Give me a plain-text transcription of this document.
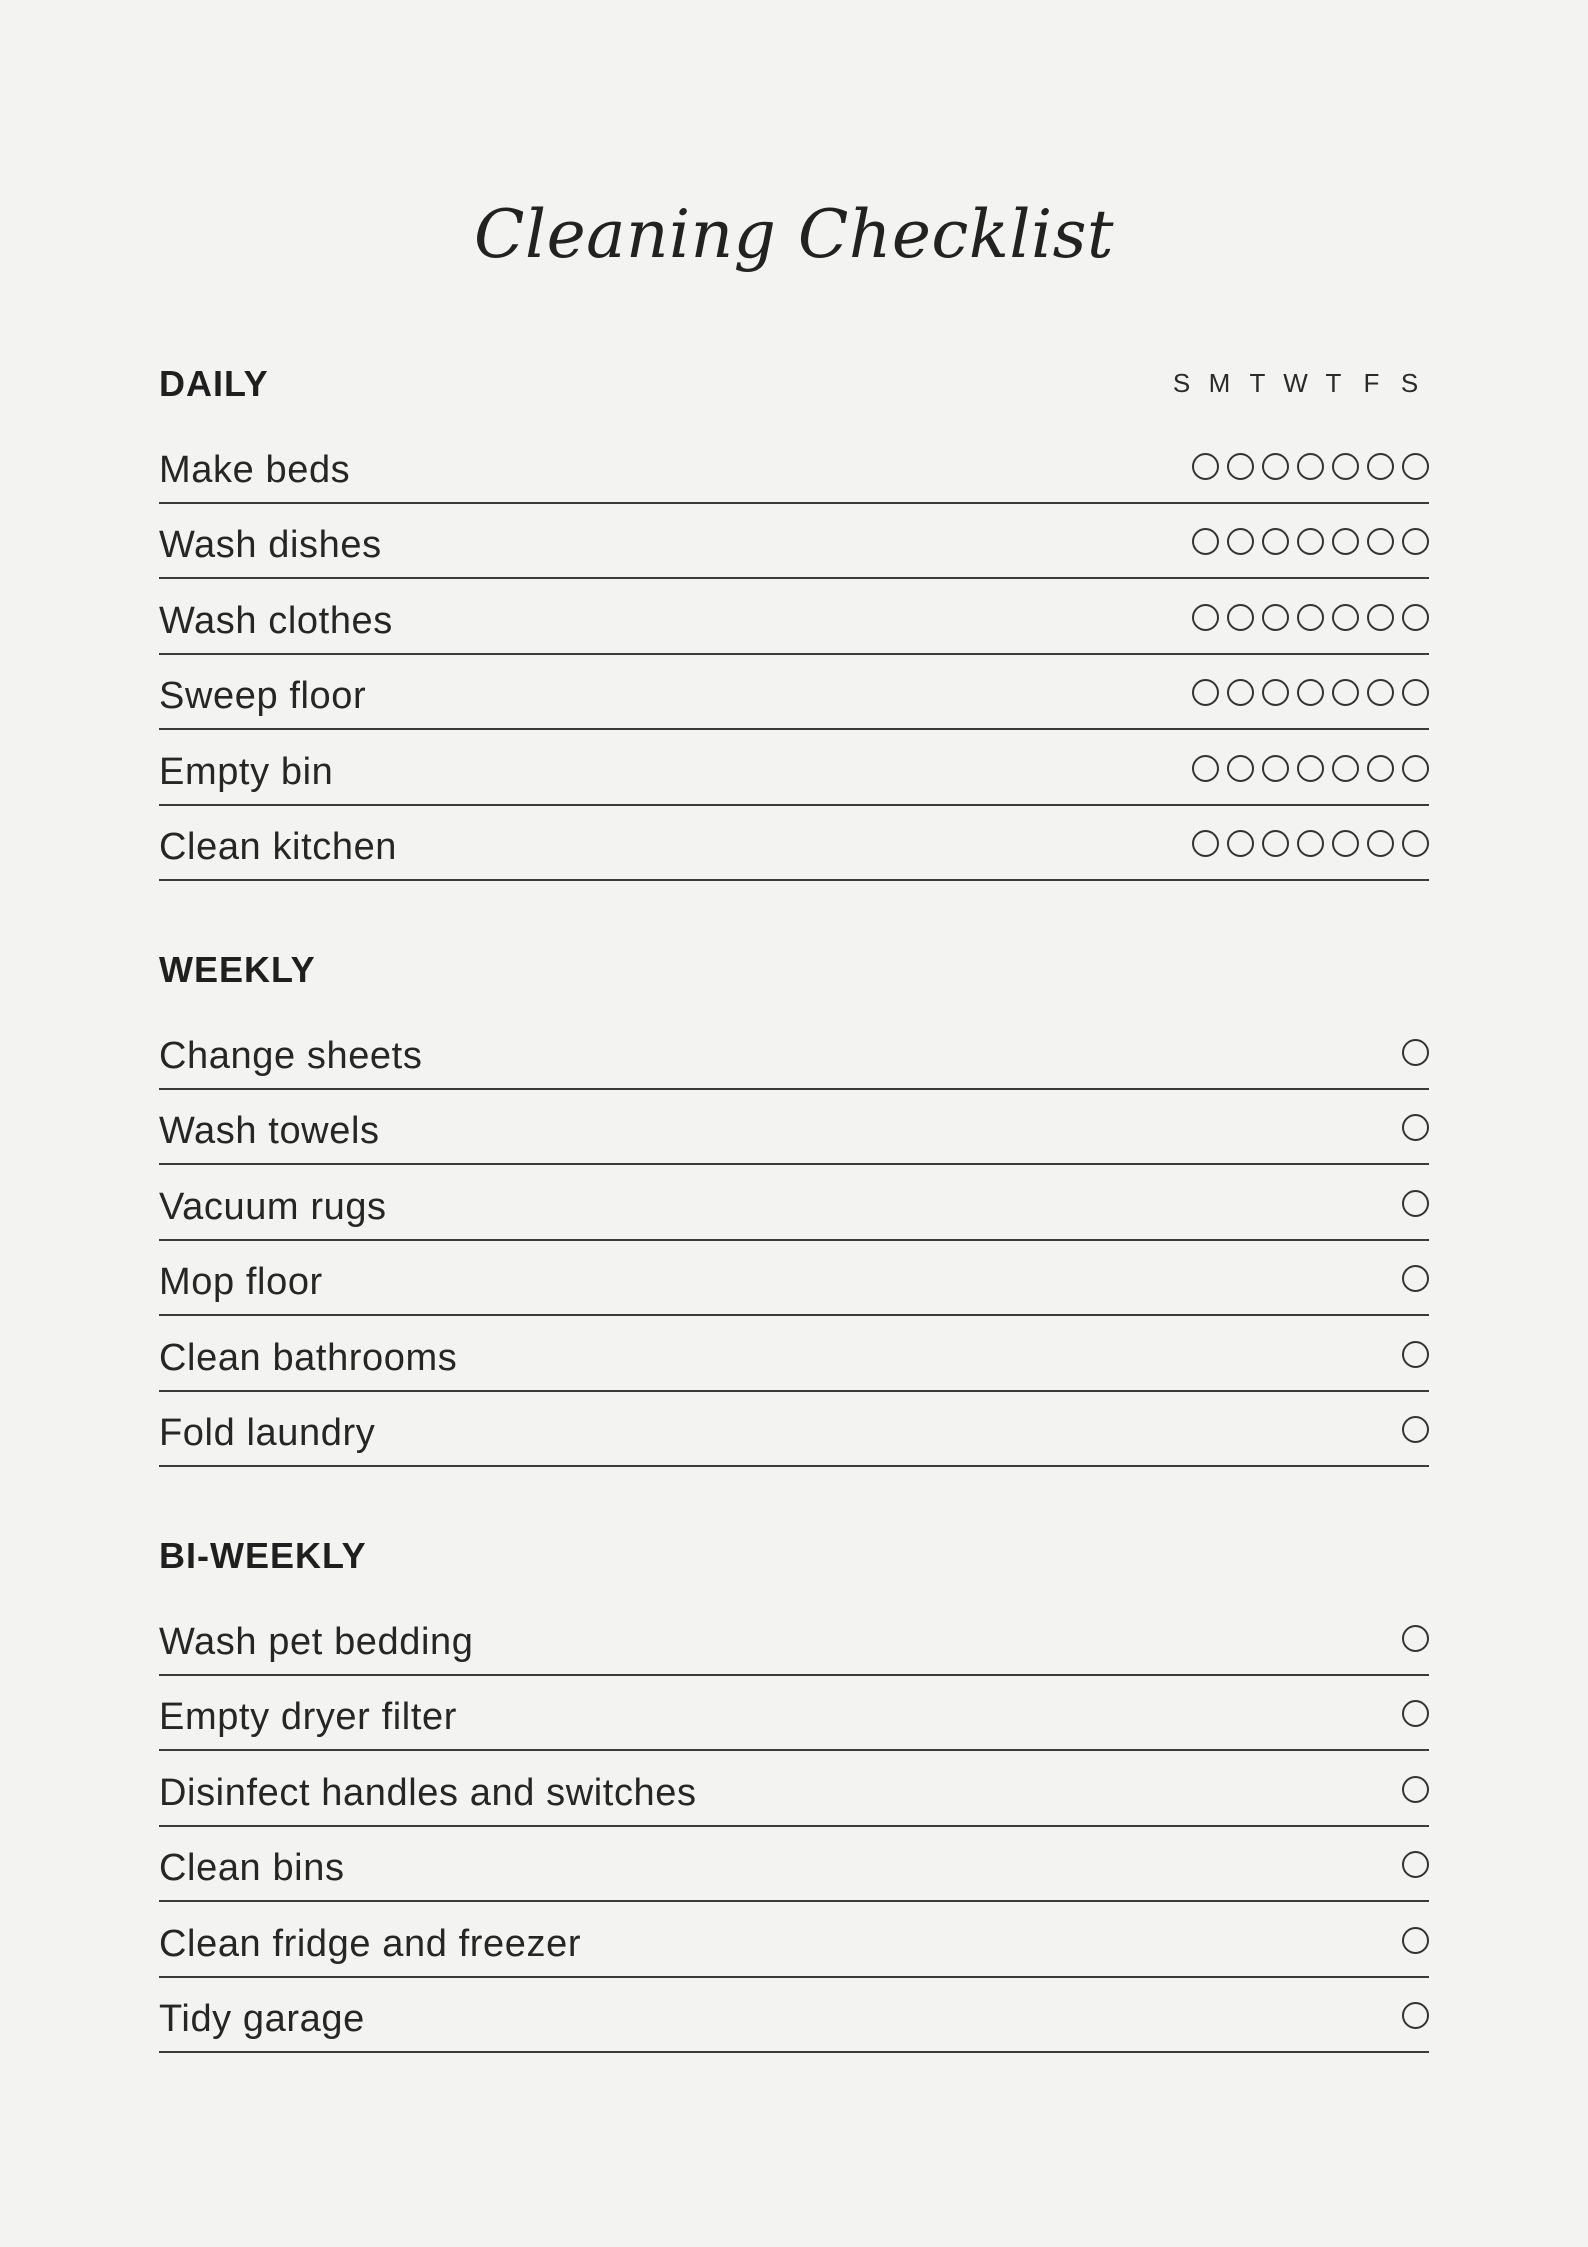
Cleaning Checklist
DAILY	S M T W T F S
Make beds
Wash dishes
Wash clothes
Sweep floor
Empty bin
Clean kitchen
WEEKLY
Change sheets
Wash towels
Vacuum rugs
Mop floor
Clean bathrooms
Fold laundry
BI-WEEKLY
Wash pet bedding
Empty dryer filter
Disinfect handles and switches
Clean bins
Clean fridge and freezer
Tidy garage
